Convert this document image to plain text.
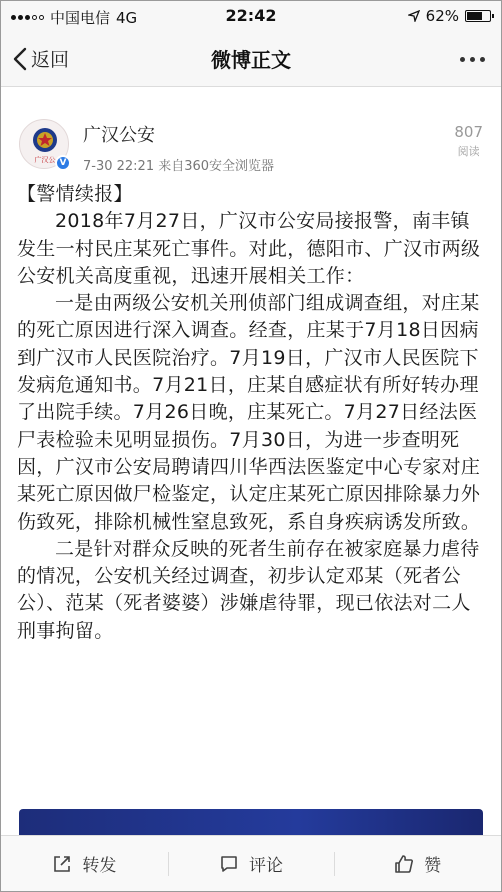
中国电信 4G	22:42	62%
返回	微博正文
广汉公 V
广汉公安
7-30 22:21 来自360安全浏览器
807
阅读

【警情续报】

2018年7月27日，广汉市公安局接报警，南丰镇发生一村民庄某死亡事件。对此，德阳市、广汉市两级公安机关高度重视，迅速开展相关工作：

一是由两级公安机关刑侦部门组成调查组，对庄某的死亡原因进行深入调查。经查，庄某于7月18日因病到广汉市人民医院治疗。7月19日，广汉市人民医院下发病危通知书。7月21日，庄某自感症状有所好转办理了出院手续。7月26日晚，庄某死亡。7月27日经法医尸表检验未见明显损伤。7月30日，为进一步查明死因，广汉市公安局聘请四川华西法医鉴定中心专家对庄某死亡原因做尸检鉴定，认定庄某死亡原因排除暴力外伤致死，排除机械性窒息致死，系自身疾病诱发所致。

二是针对群众反映的死者生前存在被家庭暴力虐待的情况，公安机关经过调查，初步认定邓某（死者公公）、范某（死者婆婆）涉嫌虐待罪，现已依法对二人刑事拘留。

转发	评论	赞
